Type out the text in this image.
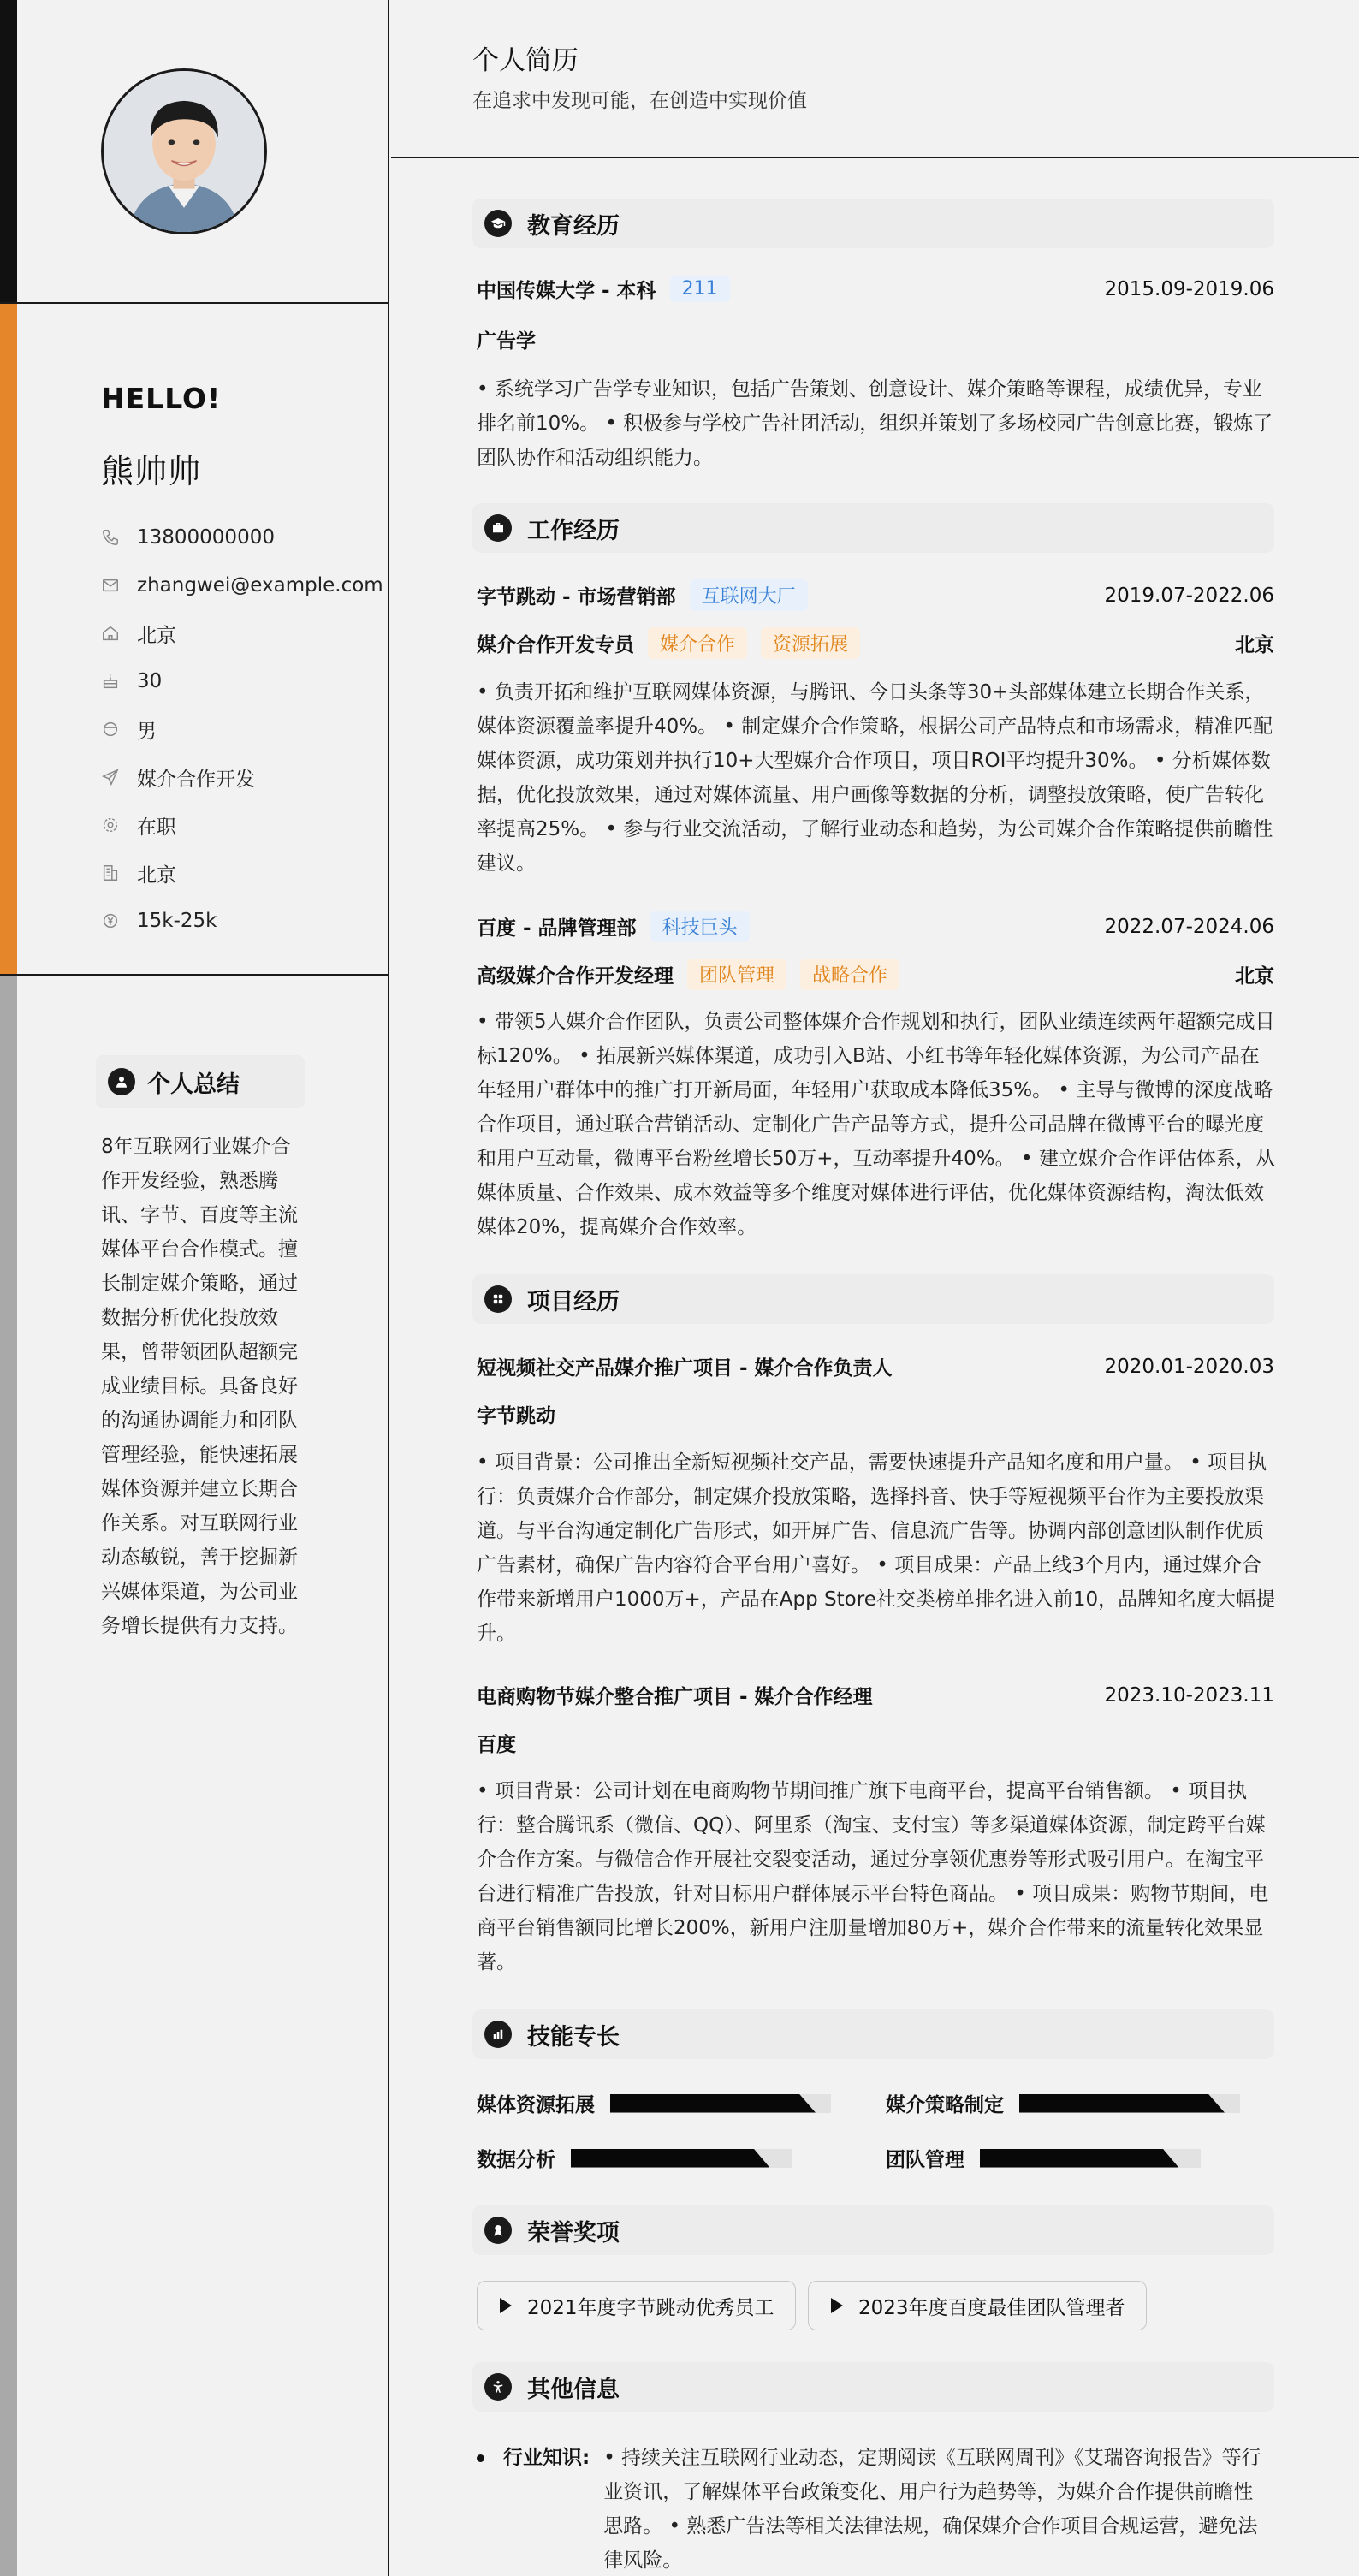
HELLO!
熊帅帅
13800000000
zhangwei@example.com
北京
30
男
媒介合作开发
在职
北京
15k-25k
个人总结
8年互联网行业媒介合作开发经验，熟悉腾讯、字节、百度等主流媒体平台合作模式。擅长制定媒介策略，通过数据分析优化投放效果，曾带领团队超额完成业绩目标。具备良好的沟通协调能力和团队管理经验，能快速拓展媒体资源并建立长期合作关系。对互联网行业动态敏锐，善于挖掘新兴媒体渠道，为公司业务增长提供有力支持。
个人简历
在追求中发现可能，在创造中实现价值
教育经历
中国传媒大学 - 本科	211	2015.09-2019.06
广告学
• 系统学习广告学专业知识，包括广告策划、创意设计、媒介策略等课程，成绩优异，专业排名前10%。 • 积极参与学校广告社团活动，组织并策划了多场校园广告创意比赛，锻炼了团队协作和活动组织能力。
工作经历
字节跳动 - 市场营销部	互联网大厂	2019.07-2022.06
媒介合作开发专员	媒介合作	资源拓展	北京
• 负责开拓和维护互联网媒体资源，与腾讯、今日头条等30+头部媒体建立长期合作关系，媒体资源覆盖率提升40%。 • 制定媒介合作策略，根据公司产品特点和市场需求，精准匹配媒体资源，成功策划并执行10+大型媒介合作项目，项目ROI平均提升30%。 • 分析媒体数据，优化投放效果，通过对媒体流量、用户画像等数据的分析，调整投放策略，使广告转化率提高25%。 • 参与行业交流活动，了解行业动态和趋势，为公司媒介合作策略提供前瞻性建议。
百度 - 品牌管理部	科技巨头	2022.07-2024.06
高级媒介合作开发经理	团队管理	战略合作	北京
• 带领5人媒介合作团队，负责公司整体媒介合作规划和执行，团队业绩连续两年超额完成目标120%。 • 拓展新兴媒体渠道，成功引入B站、小红书等年轻化媒体资源，为公司产品在年轻用户群体中的推广打开新局面，年轻用户获取成本降低35%。 • 主导与微博的深度战略合作项目，通过联合营销活动、定制化广告产品等方式，提升公司品牌在微博平台的曝光度和用户互动量，微博平台粉丝增长50万+，互动率提升40%。 • 建立媒介合作评估体系，从媒体质量、合作效果、成本效益等多个维度对媒体进行评估，优化媒体资源结构，淘汰低效媒体20%，提高媒介合作效率。
项目经历
短视频社交产品媒介推广项目 - 媒介合作负责人	2020.01-2020.03
字节跳动
• 项目背景：公司推出全新短视频社交产品，需要快速提升产品知名度和用户量。 • 项目执行：负责媒介合作部分，制定媒介投放策略，选择抖音、快手等短视频平台作为主要投放渠道。与平台沟通定制化广告形式，如开屏广告、信息流广告等。协调内部创意团队制作优质广告素材，确保广告内容符合平台用户喜好。 • 项目成果：产品上线3个月内，通过媒介合作带来新增用户1000万+，产品在App Store社交类榜单排名进入前10，品牌知名度大幅提升。
电商购物节媒介整合推广项目 - 媒介合作经理	2023.10-2023.11
百度
• 项目背景：公司计划在电商购物节期间推广旗下电商平台，提高平台销售额。 • 项目执行：整合腾讯系（微信、QQ）、阿里系（淘宝、支付宝）等多渠道媒体资源，制定跨平台媒介合作方案。与微信合作开展社交裂变活动，通过分享领优惠券等形式吸引用户。在淘宝平台进行精准广告投放，针对目标用户群体展示平台特色商品。 • 项目成果：购物节期间，电商平台销售额同比增长200%，新用户注册量增加80万+，媒介合作带来的流量转化效果显著。
技能专长
媒体资源拓展	媒介策略制定
数据分析	团队管理
荣誉奖项
2021年度字节跳动优秀员工	2023年度百度最佳团队管理者
其他信息
行业知识: • 持续关注互联网行业动态，定期阅读《互联网周刊》《艾瑞咨询报告》等行业资讯，了解媒体平台政策变化、用户行为趋势等，为媒介合作提供前瞻性思路。 • 熟悉广告法等相关法律法规，确保媒介合作项目合规运营，避免法律风险。
